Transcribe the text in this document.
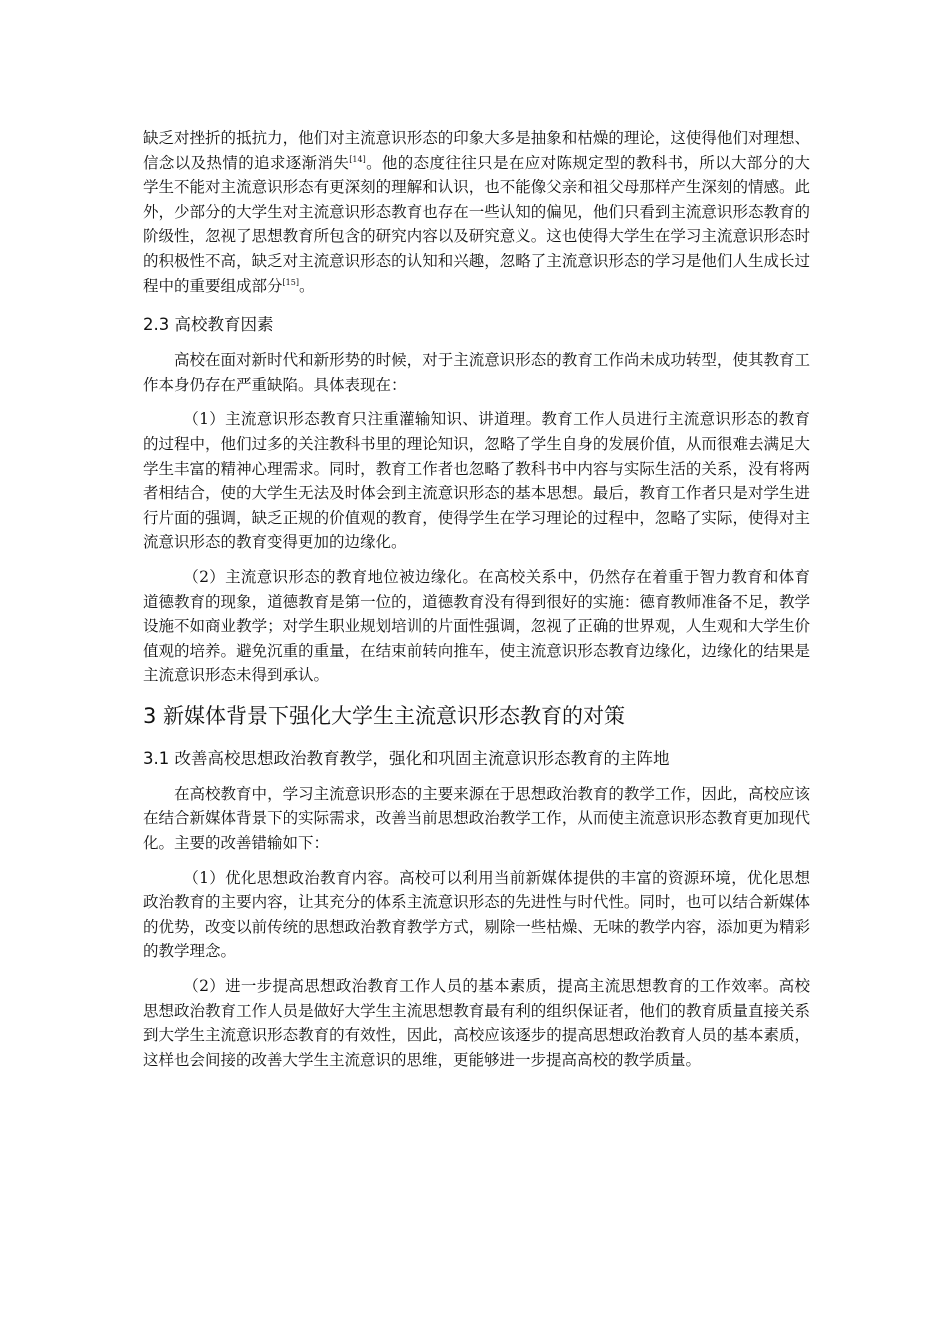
缺乏对挫折的抵抗力，他们对主流意识形态的印象大多是抽象和枯燥的理论，这使得他们对理想、信念以及热情的追求逐渐消失[14]。他的态度往往只是在应对陈规定型的教科书，所以大部分的大学生不能对主流意识形态有更深刻的理解和认识，也不能像父亲和祖父母那样产生深刻的情感。此外，少部分的大学生对主流意识形态教育也存在一些认知的偏见，他们只看到主流意识形态教育的阶级性，忽视了思想教育所包含的研究内容以及研究意义。这也使得大学生在学习主流意识形态时的积极性不高，缺乏对主流意识形态的认知和兴趣，忽略了主流意识形态的学习是他们人生成长过程中的重要组成部分[15]。

2.3 高校教育因素

高校在面对新时代和新形势的时候，对于主流意识形态的教育工作尚未成功转型，使其教育工作本身仍存在严重缺陷。具体表现在：

（1）主流意识形态教育只注重灌输知识、讲道理。教育工作人员进行主流意识形态的教育的过程中，他们过多的关注教科书里的理论知识，忽略了学生自身的发展价值，从而很难去满足大学生丰富的精神心理需求。同时，教育工作者也忽略了教科书中内容与实际生活的关系，没有将两者相结合，使的大学生无法及时体会到主流意识形态的基本思想。最后，教育工作者只是对学生进行片面的强调，缺乏正规的价值观的教育，使得学生在学习理论的过程中，忽略了实际，使得对主流意识形态的教育变得更加的边缘化。

（2）主流意识形态的教育地位被边缘化。在高校关系中，仍然存在着重于智力教育和体育道德教育的现象，道德教育是第一位的，道德教育没有得到很好的实施：德育教师准备不足，教学设施不如商业教学；对学生职业规划培训的片面性强调，忽视了正确的世界观，人生观和大学生价值观的培养。避免沉重的重量，在结束前转向推车，使主流意识形态教育边缘化，边缘化的结果是主流意识形态未得到承认。

3 新媒体背景下强化大学生主流意识形态教育的对策
3.1 改善高校思想政治教育教学，强化和巩固主流意识形态教育的主阵地

在高校教育中，学习主流意识形态的主要来源在于思想政治教育的教学工作，因此，高校应该在结合新媒体背景下的实际需求，改善当前思想政治教学工作，从而使主流意识形态教育更加现代化。主要的改善错输如下：

（1）优化思想政治教育内容。高校可以利用当前新媒体提供的丰富的资源环境，优化思想政治教育的主要内容，让其充分的体系主流意识形态的先进性与时代性。同时，也可以结合新媒体的优势，改变以前传统的思想政治教育教学方式，剔除一些枯燥、无味的教学内容，添加更为精彩的教学理念。

（2）进一步提高思想政治教育工作人员的基本素质，提高主流思想教育的工作效率。高校思想政治教育工作人员是做好大学生主流思想教育最有利的组织保证者，他们的教育质量直接关系到大学生主流意识形态教育的有效性，因此，高校应该逐步的提高思想政治教育人员的基本素质，这样也会间接的改善大学生主流意识的思维，更能够进一步提高高校的教学质量。
